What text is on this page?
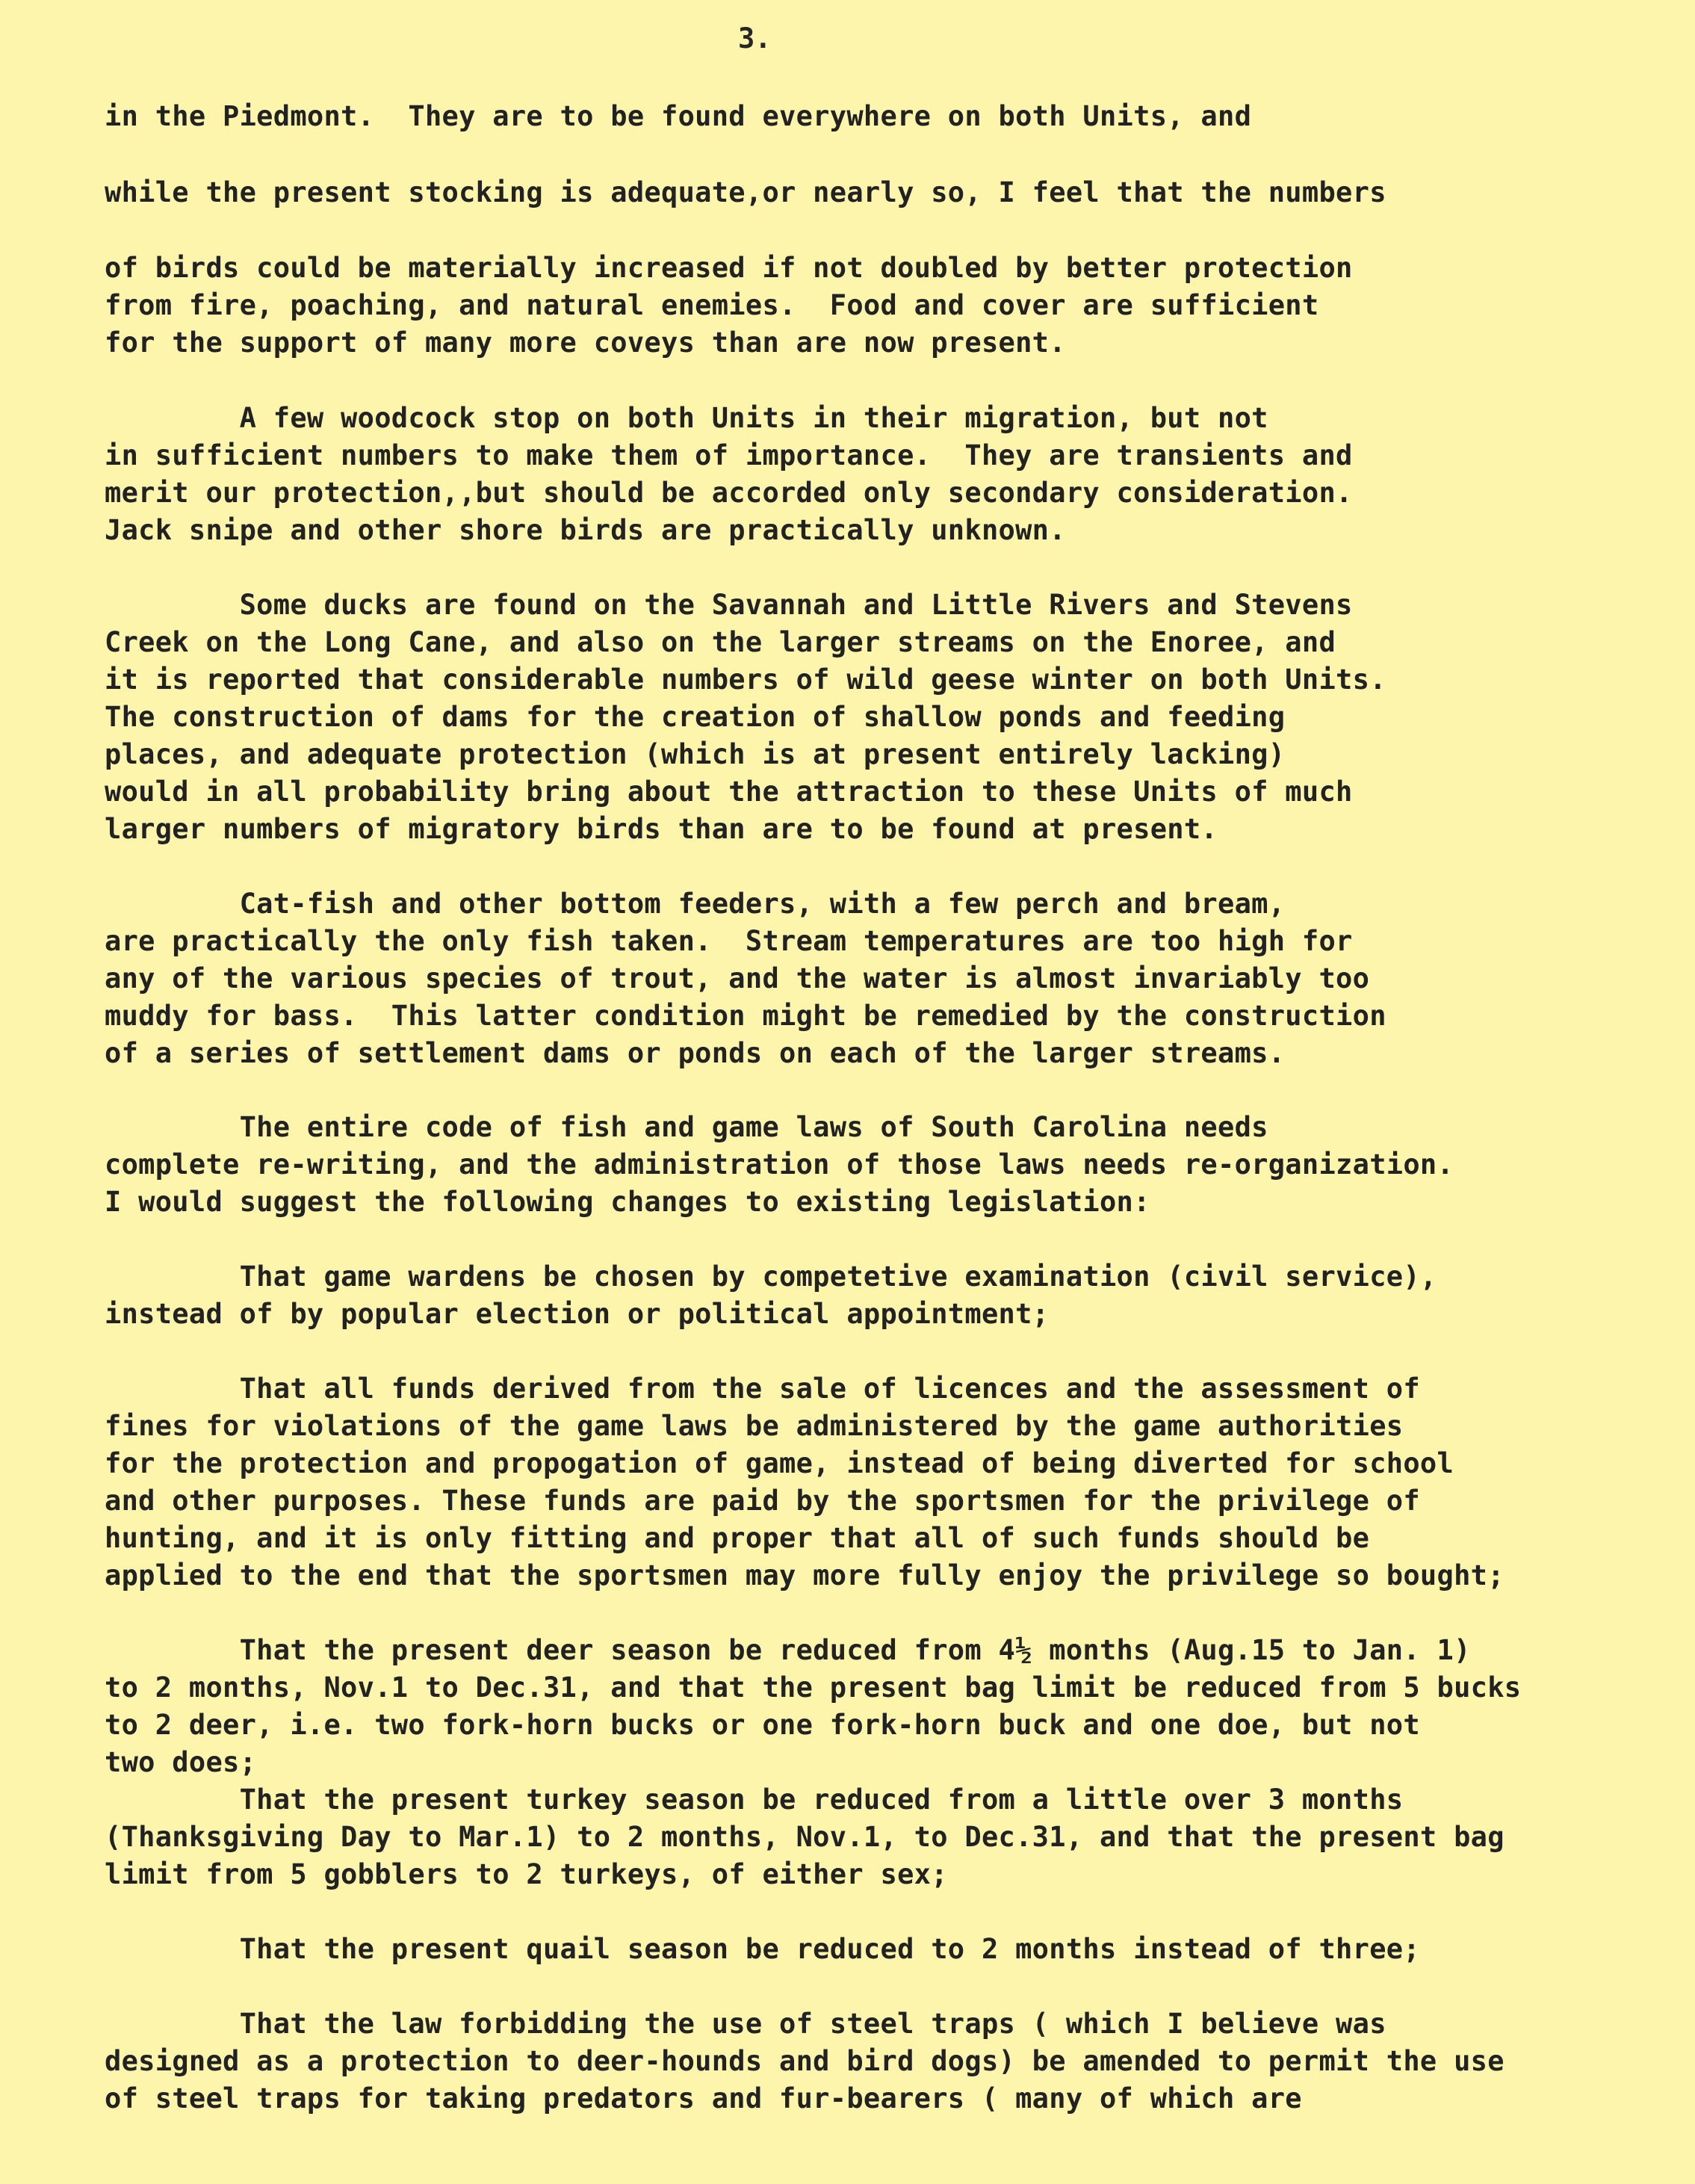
3.
in the Piedmont.  They are to be found everywhere on both Units, and
while the present stocking is adequate,or nearly so, I feel that the numbers
of birds could be materially increased if not doubled by better protection
from fire, poaching, and natural enemies.  Food and cover are sufficient
for the support of many more coveys than are now present.
A few woodcock stop on both Units in their migration, but not
in sufficient numbers to make them of importance.  They are transients and
merit our protection,,but should be accorded only secondary consideration.
Jack snipe and other shore birds are practically unknown.
Some ducks are found on the Savannah and Little Rivers and Stevens
Creek on the Long Cane, and also on the larger streams on the Enoree, and
it is reported that considerable numbers of wild geese winter on both Units.
The construction of dams for the creation of shallow ponds and feeding
places, and adequate protection (which is at present entirely lacking)
would in all probability bring about the attraction to these Units of much
larger numbers of migratory birds than are to be found at present.
Cat-fish and other bottom feeders, with a few perch and bream,
are practically the only fish taken.  Stream temperatures are too high for
any of the various species of trout, and the water is almost invariably too
muddy for bass.  This latter condition might be remedied by the construction
of a series of settlement dams or ponds on each of the larger streams.
The entire code of fish and game laws of South Carolina needs
complete re-writing, and the administration of those laws needs re-organization.
I would suggest the following changes to existing legislation:
That game wardens be chosen by competetive examination (civil service),
instead of by popular election or political appointment;
That all funds derived from the sale of licences and the assessment of
fines for violations of the game laws be administered by the game authorities
for the protection and propogation of game, instead of being diverted for school
and other purposes. These funds are paid by the sportsmen for the privilege of
hunting, and it is only fitting and proper that all of such funds should be
applied to the end that the sportsmen may more fully enjoy the privilege so bought;
That the present deer season be reduced from 4½ months (Aug.15 to Jan. 1)
to 2 months, Nov.1 to Dec.31, and that the present bag limit be reduced from 5 bucks
to 2 deer, i.e. two fork-horn bucks or one fork-horn buck and one doe, but not
two does;
That the present turkey season be reduced from a little over 3 months
(Thanksgiving Day to Mar.1) to 2 months, Nov.1, to Dec.31, and that the present bag
limit from 5 gobblers to 2 turkeys, of either sex;
That the present quail season be reduced to 2 months instead of three;
That the law forbidding the use of steel traps ( which I believe was
designed as a protection to deer-hounds and bird dogs) be amended to permit the use
of steel traps for taking predators and fur-bearers ( many of which are
